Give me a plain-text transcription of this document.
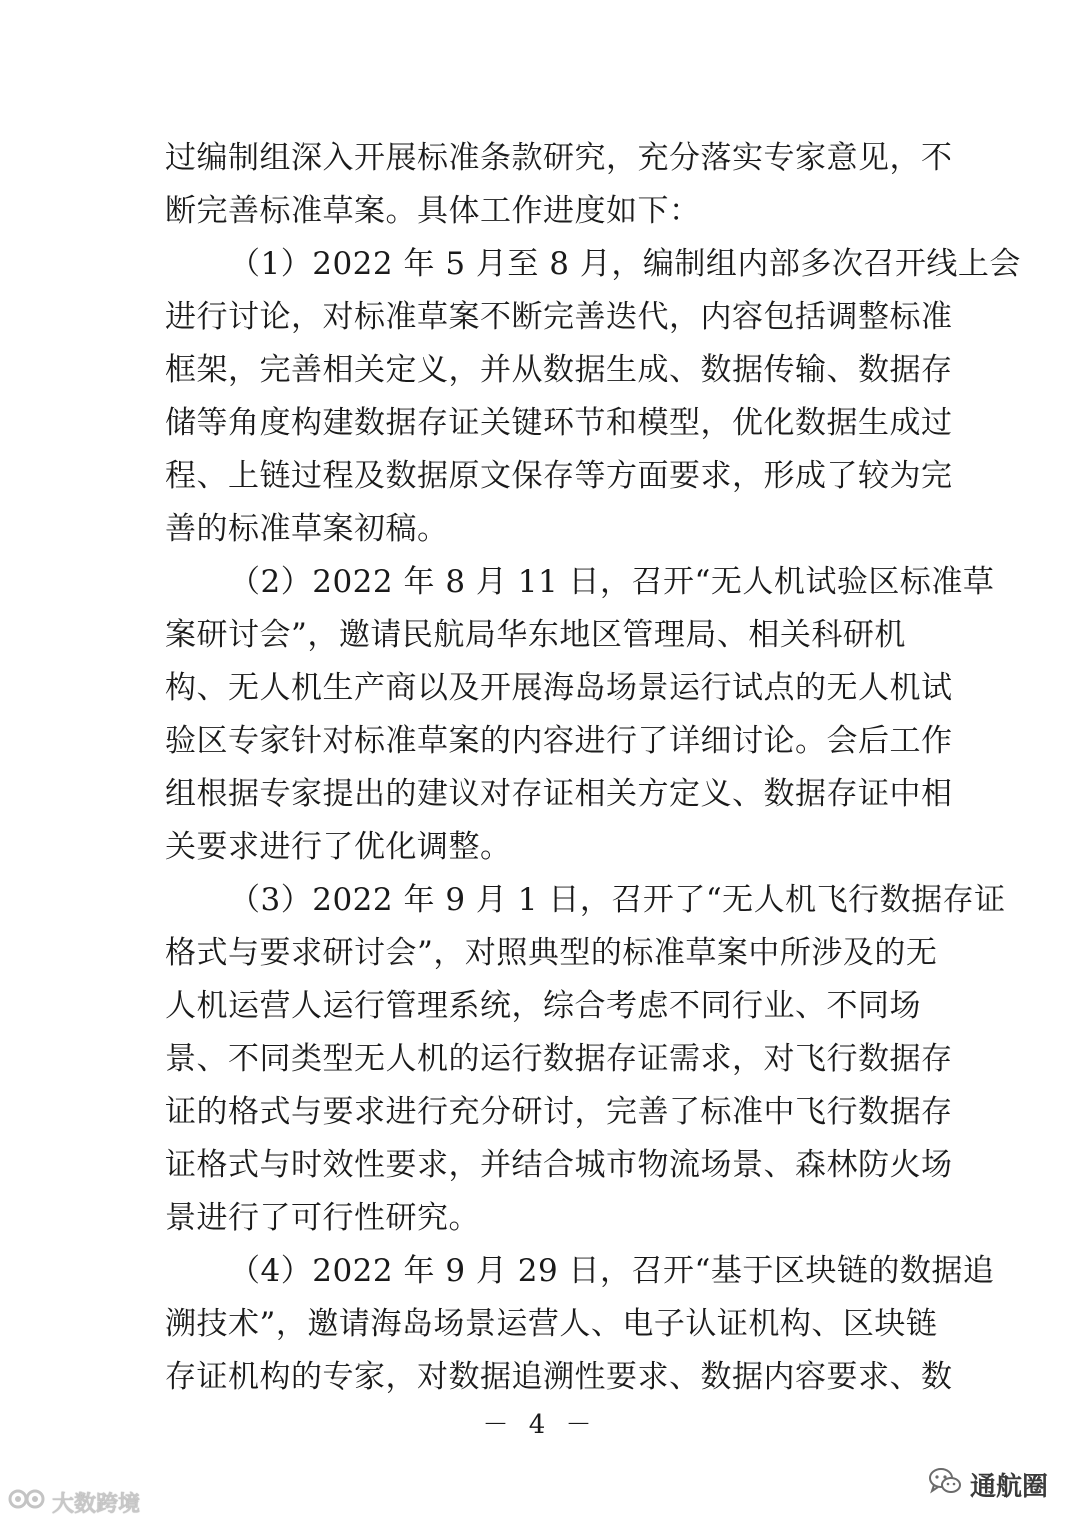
过编制组深入开展标准条款研究，充分落实专家意见，不
断完善标准草案。具体工作进度如下：
（1）2022 年 5 月至 8 月，编制组内部多次召开线上会
进行讨论，对标准草案不断完善迭代，内容包括调整标准
框架，完善相关定义，并从数据生成、数据传输、数据存
储等角度构建数据存证关键环节和模型，优化数据生成过
程、上链过程及数据原文保存等方面要求，形成了较为完
善的标准草案初稿。
（2）2022 年 8 月 11 日，召开“无人机试验区标准草
案研讨会”，邀请民航局华东地区管理局、相关科研机
构、无人机生产商以及开展海岛场景运行试点的无人机试
验区专家针对标准草案的内容进行了详细讨论。会后工作
组根据专家提出的建议对存证相关方定义、数据存证中相
关要求进行了优化调整。
（3）2022 年 9 月 1 日，召开了“无人机飞行数据存证
格式与要求研讨会”，对照典型的标准草案中所涉及的无
人机运营人运行管理系统，综合考虑不同行业、不同场
景、不同类型无人机的运行数据存证需求，对飞行数据存
证的格式与要求进行充分研讨，完善了标准中飞行数据存
证格式与时效性要求，并结合城市物流场景、森林防火场
景进行了可行性研究。
（4）2022 年 9 月 29 日，召开“基于区块链的数据追
溯技术”，邀请海岛场景运营人、电子认证机构、区块链
存证机构的专家，对数据追溯性要求、数据内容要求、数
－ 4 －
大数跨境
通航圈
